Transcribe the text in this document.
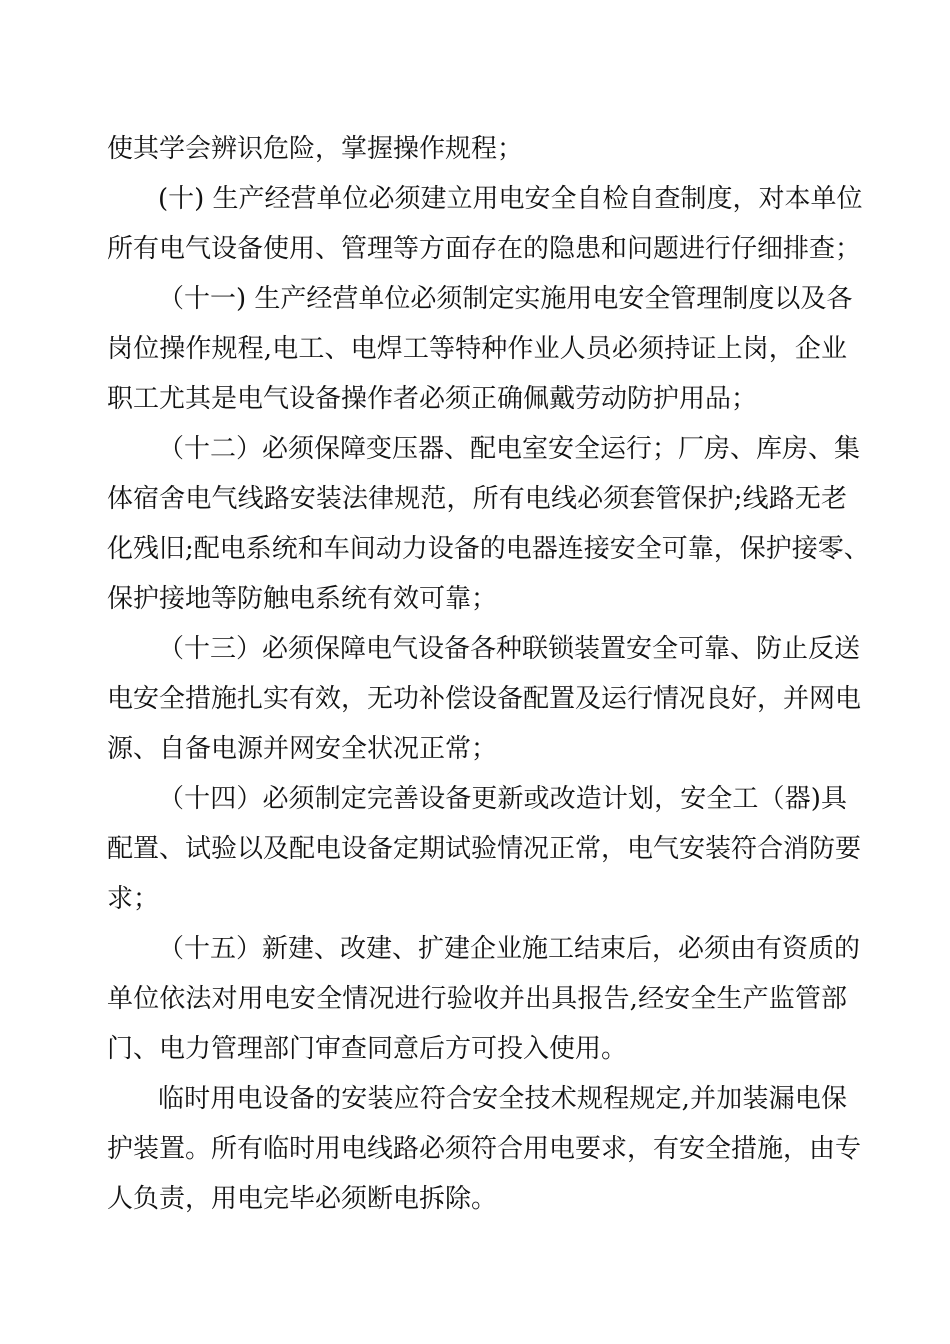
使其学会辨识危险，掌握操作规程；
(十) 生产经营单位必须建立用电安全自检自查制度，对本单位
所有电气设备使用、管理等方面存在的隐患和问题进行仔细排查；
（十一) 生产经营单位必须制定实施用电安全管理制度以及各
岗位操作规程,电工、电焊工等特种作业人员必须持证上岗，企业
职工尤其是电气设备操作者必须正确佩戴劳动防护用品；
（十二）必须保障变压器、配电室安全运行；厂房、库房、集
体宿舍电气线路安装法律规范，所有电线必须套管保护;线路无老
化残旧;配电系统和车间动力设备的电器连接安全可靠，保护接零、
保护接地等防触电系统有效可靠；
（十三）必须保障电气设备各种联锁装置安全可靠、防止反送
电安全措施扎实有效，无功补偿设备配置及运行情况良好，并网电
源、自备电源并网安全状况正常；
（十四）必须制定完善设备更新或改造计划，安全工（器)具
配置、试验以及配电设备定期试验情况正常，电气安装符合消防要
求；
（十五）新建、改建、扩建企业施工结束后，必须由有资质的
单位依法对用电安全情况进行验收并出具报告,经安全生产监管部
门、电力管理部门审查同意后方可投入使用。
临时用电设备的安装应符合安全技术规程规定,并加装漏电保
护装置。所有临时用电线路必须符合用电要求，有安全措施，由专
人负责，用电完毕必须断电拆除。
